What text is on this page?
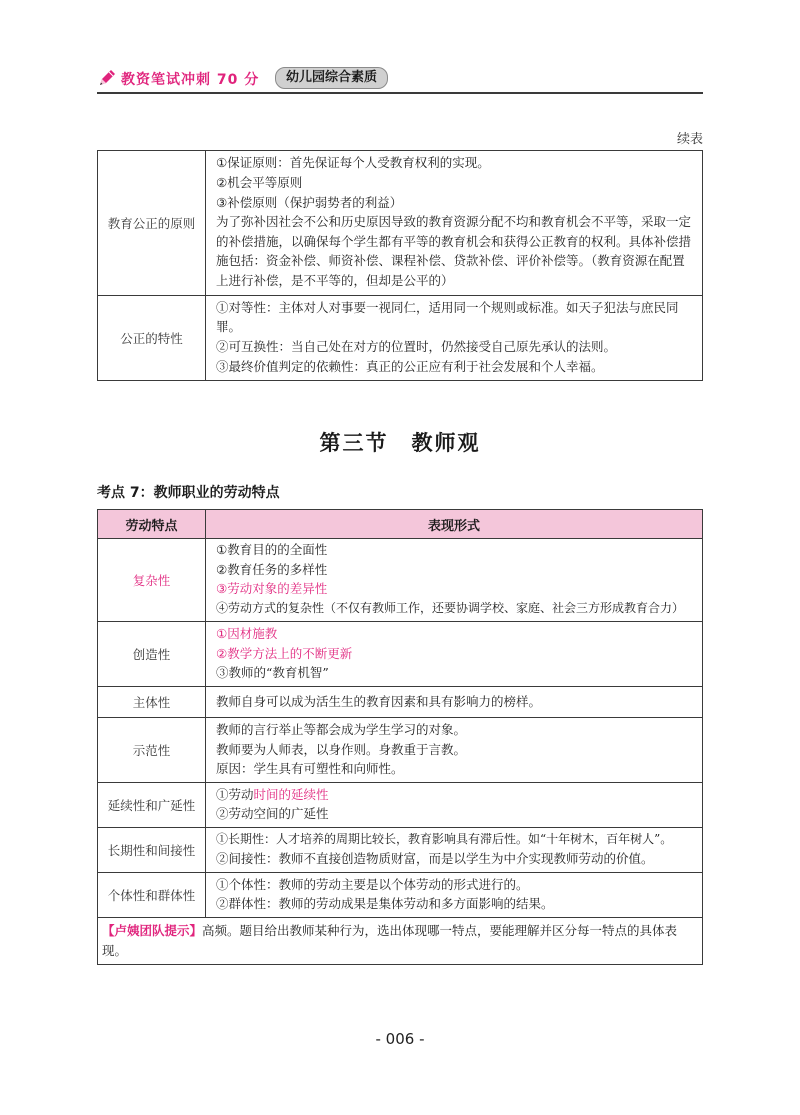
教资笔试冲刺 70 分	幼儿园综合素质
续表
教育公正的原则	①保证原则：首先保证每个人受教育权利的实现。
②机会平等原则
③补偿原则（保护弱势者的利益）
为了弥补因社会不公和历史原因导致的教育资源分配不均和教育机会不平等，采取一定的补偿措施，以确保每个学生都有平等的教育机会和获得公正教育的权利。具体补偿措施包括：资金补偿、师资补偿、课程补偿、贷款补偿、评价补偿等。（教育资源在配置上进行补偿，是不平等的，但却是公平的）

公正的特性	①对等性：主体对人对事要一视同仁，适用同一个规则或标准。如天子犯法与庶民同罪。
②可互换性：当自己处在对方的位置时，仍然接受自己原先承认的法则。
③最终价值判定的依赖性：真正的公正应有利于社会发展和个人幸福。
第三节　教师观
考点 7：教师职业的劳动特点
劳动特点	表现形式
复杂性	①教育目的的全面性
②教育任务的多样性
③劳动对象的差异性
④劳动方式的复杂性（不仅有教师工作，还要协调学校、家庭、社会三方形成教育合力）

创造性	①因材施教
②教学方法上的不断更新
③教师的“教育机智”

主体性	教师自身可以成为活生生的教育因素和具有影响力的榜样。

示范性	教师的言行举止等都会成为学生学习的对象。
教师要为人师表，以身作则。身教重于言教。
原因：学生具有可塑性和向师性。

延续性和广延性	①劳动时间的延续性
②劳动空间的广延性

长期性和间接性	①长期性：人才培养的周期比较长，教育影响具有滞后性。如“十年树木，百年树人”。
②间接性：教师不直接创造物质财富，而是以学生为中介实现教师劳动的价值。

个体性和群体性	①个体性：教师的劳动主要是以个体劳动的形式进行的。
②群体性：教师的劳动成果是集体劳动和多方面影响的结果。

【卢姨团队提示】高频。题目给出教师某种行为，选出体现哪一特点，要能理解并区分每一特点的具体表现。	
- 006 -
